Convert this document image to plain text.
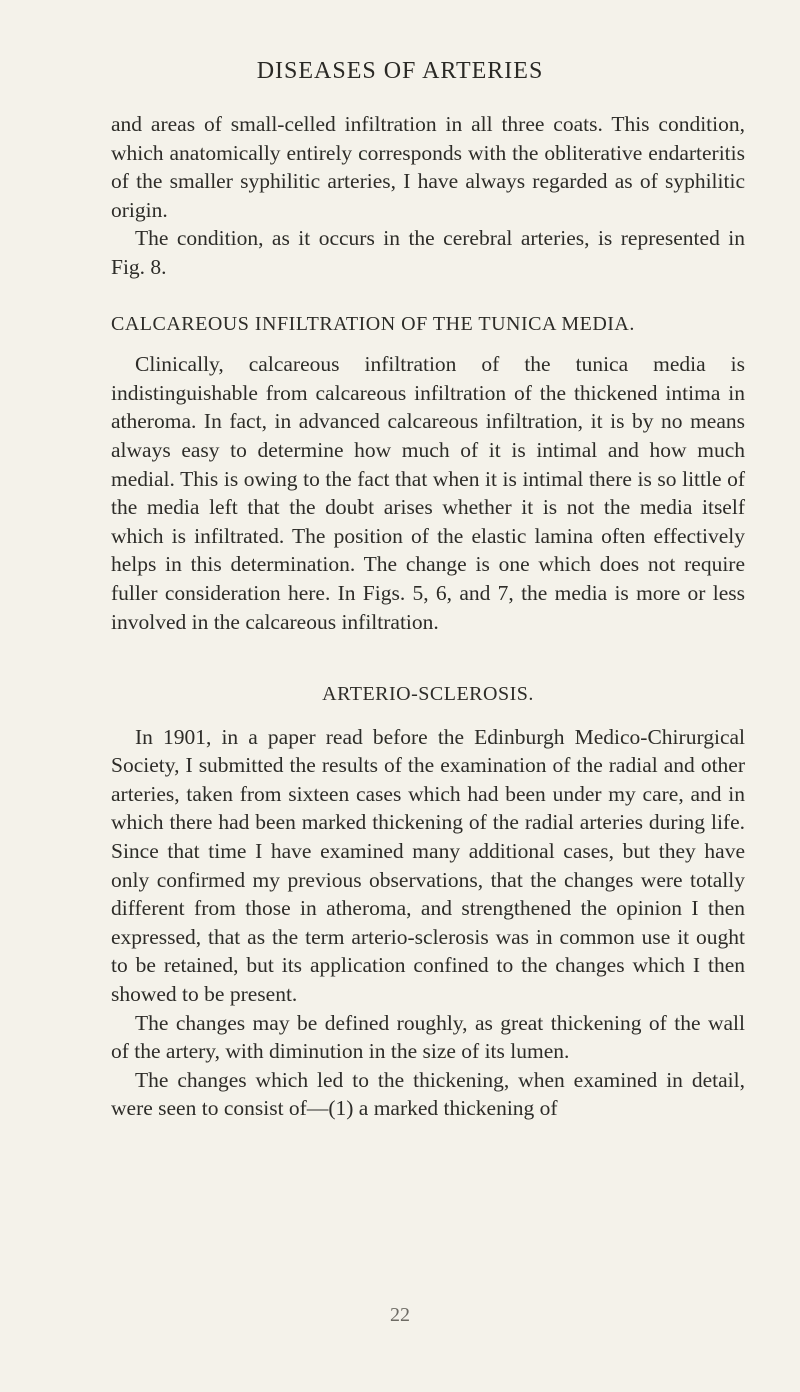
DISEASES OF ARTERIES

and areas of small-celled infiltration in all three coats. This condition, which anatomically entirely corresponds with the obliterative endarteritis of the smaller syphilitic arteries, I have always regarded as of syphilitic origin.

The condition, as it occurs in the cerebral arteries, is represented in Fig. 8.

CALCAREOUS INFILTRATION OF THE TUNICA MEDIA.

Clinically, calcareous infiltration of the tunica media is indistinguishable from calcareous infiltration of the thickened intima in atheroma. In fact, in advanced calcareous infiltration, it is by no means always easy to determine how much of it is intimal and how much medial. This is owing to the fact that when it is intimal there is so little of the media left that the doubt arises whether it is not the media itself which is infiltrated. The position of the elastic lamina often effectively helps in this determination. The change is one which does not require fuller consideration here. In Figs. 5, 6, and 7, the media is more or less involved in the calcareous infiltration.

ARTERIO-SCLEROSIS.

In 1901, in a paper read before the Edinburgh Medico-Chirurgical Society, I submitted the results of the examination of the radial and other arteries, taken from sixteen cases which had been under my care, and in which there had been marked thickening of the radial arteries during life. Since that time I have examined many additional cases, but they have only confirmed my previous observations, that the changes were totally different from those in atheroma, and strengthened the opinion I then expressed, that as the term arterio-sclerosis was in common use it ought to be retained, but its application confined to the changes which I then showed to be present.

The changes may be defined roughly, as great thickening of the wall of the artery, with diminution in the size of its lumen.

The changes which led to the thickening, when examined in detail, were seen to consist of—(1) a marked thickening of

22
